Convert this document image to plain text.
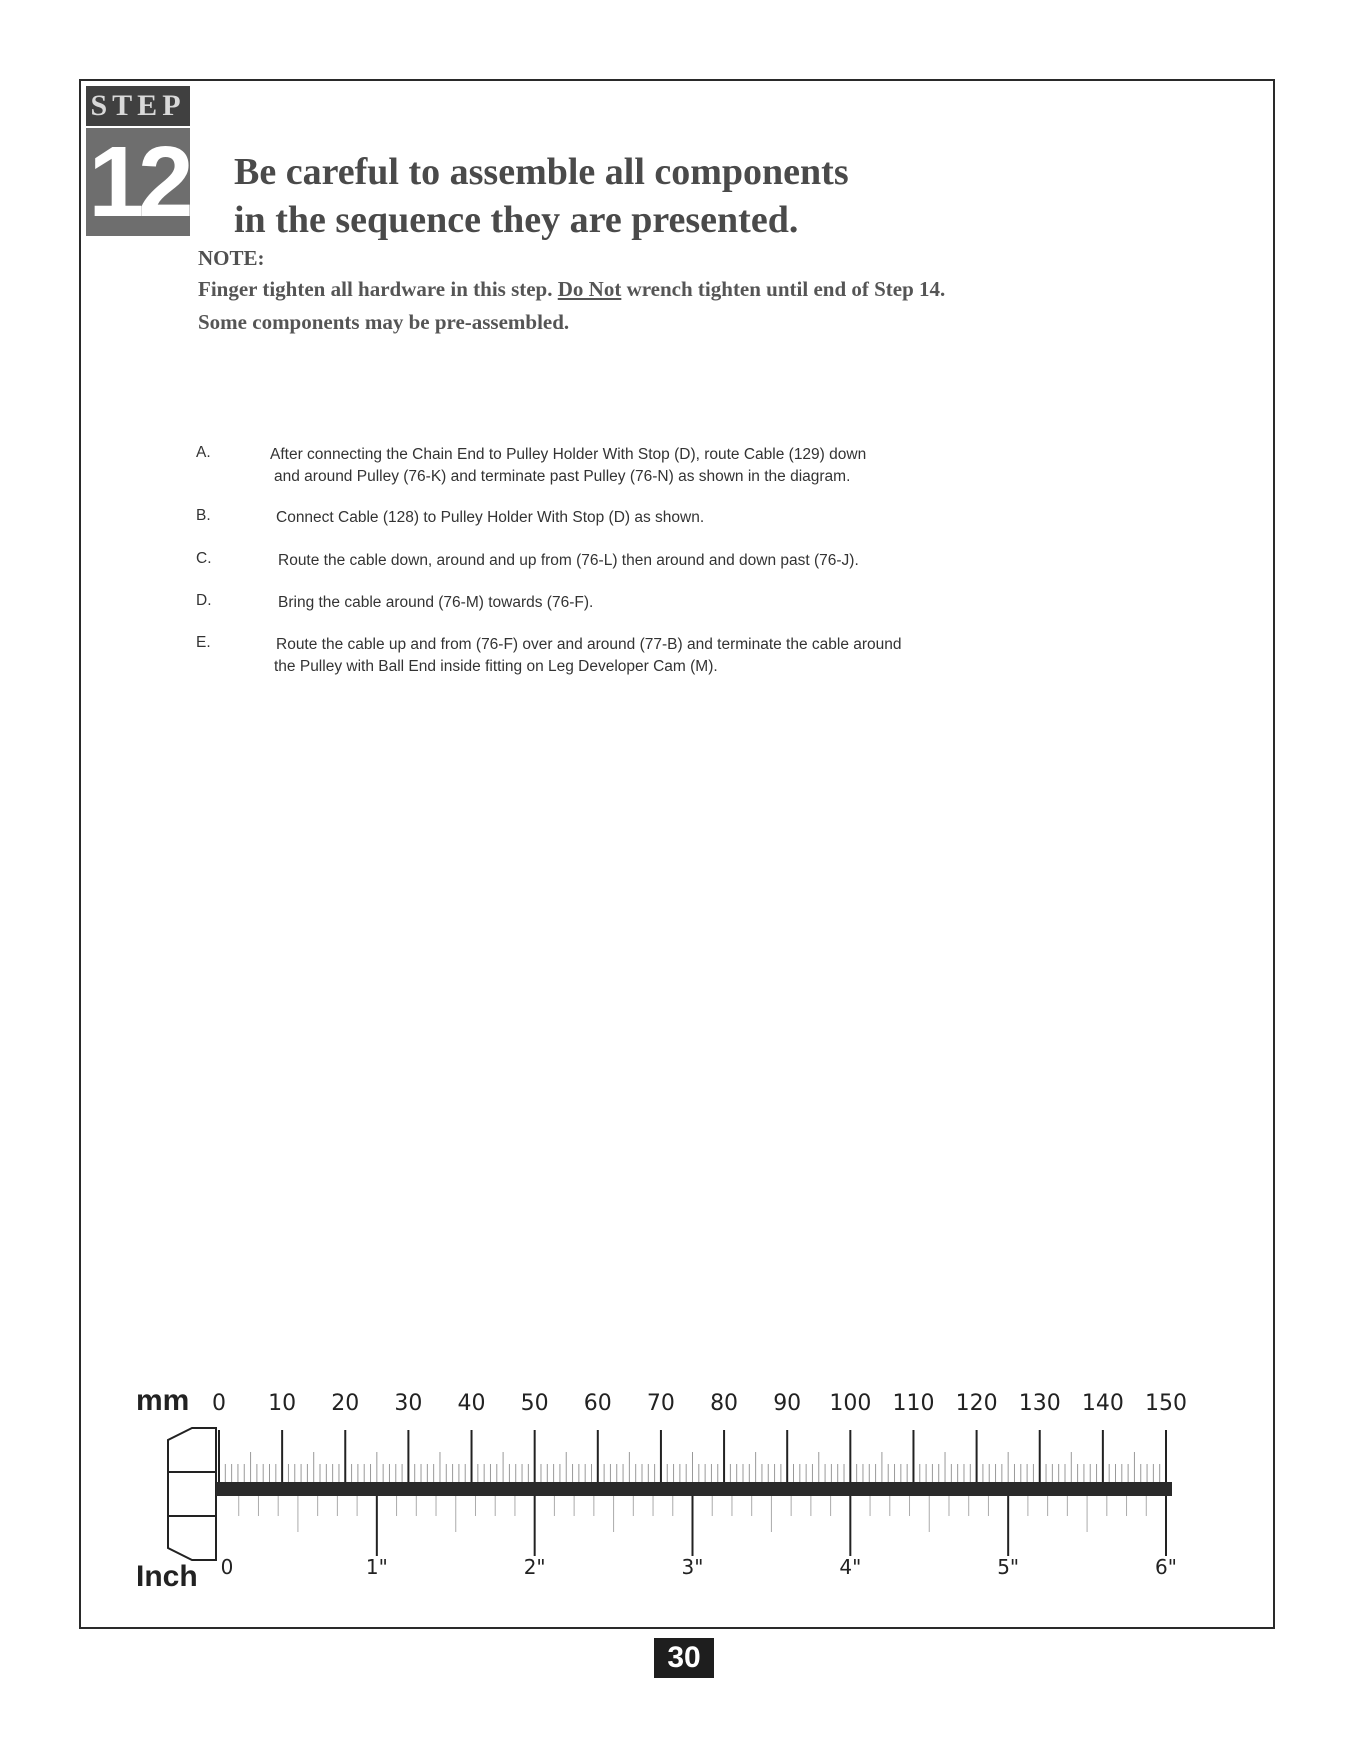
STEP
12 Be careful to assemble all components
in the sequence they are presented.
NOTE:
Finger tighten all hardware in this step. Do Not wrench tighten until end of Step 14.
Some components may be pre-assembled.
A.	After connecting the Chain End to Pulley Holder With Stop (D), route Cable (129) down
and around Pulley (76-K) and terminate past Pulley (76-N) as shown in the diagram.
B.	Connect Cable (128) to Pulley Holder With Stop (D) as shown.
C.	Route the cable down, around and up from (76-L) then around and down past (76-J).
D.	Bring the cable around (76-M) towards (76-F).
E.	Route the cable up and from (76-F) over and around (77-B) and terminate the cable around
the Pulley with Ball End inside fitting on Leg Developer Cam (M).
mm
Inch
0 10 20 30 40 50 60 70 80 90 100 110 120 130 140 150
0	1"	2"	3"	4"	5"	6"
30
